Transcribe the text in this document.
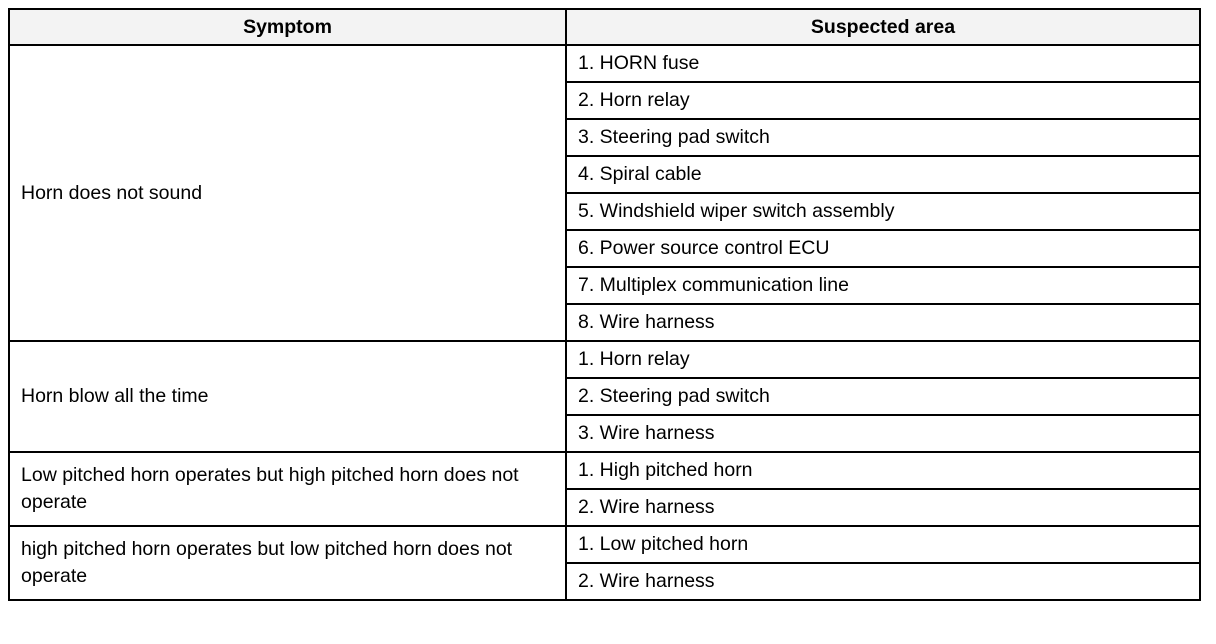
Symptom	Suspected area
Horn does not sound	1. HORN fuse
	2. Horn relay
	3. Steering pad switch
	4. Spiral cable
	5. Windshield wiper switch assembly
	6. Power source control ECU
	7. Multiplex communication line
	8. Wire harness
Horn blow all the time	1. Horn relay
	2. Steering pad switch
	3. Wire harness
Low pitched horn operates but high pitched horn does not operate	1. High pitched horn
	2. Wire harness
high pitched horn operates but low pitched horn does not operate	1. Low pitched horn
	2. Wire harness
